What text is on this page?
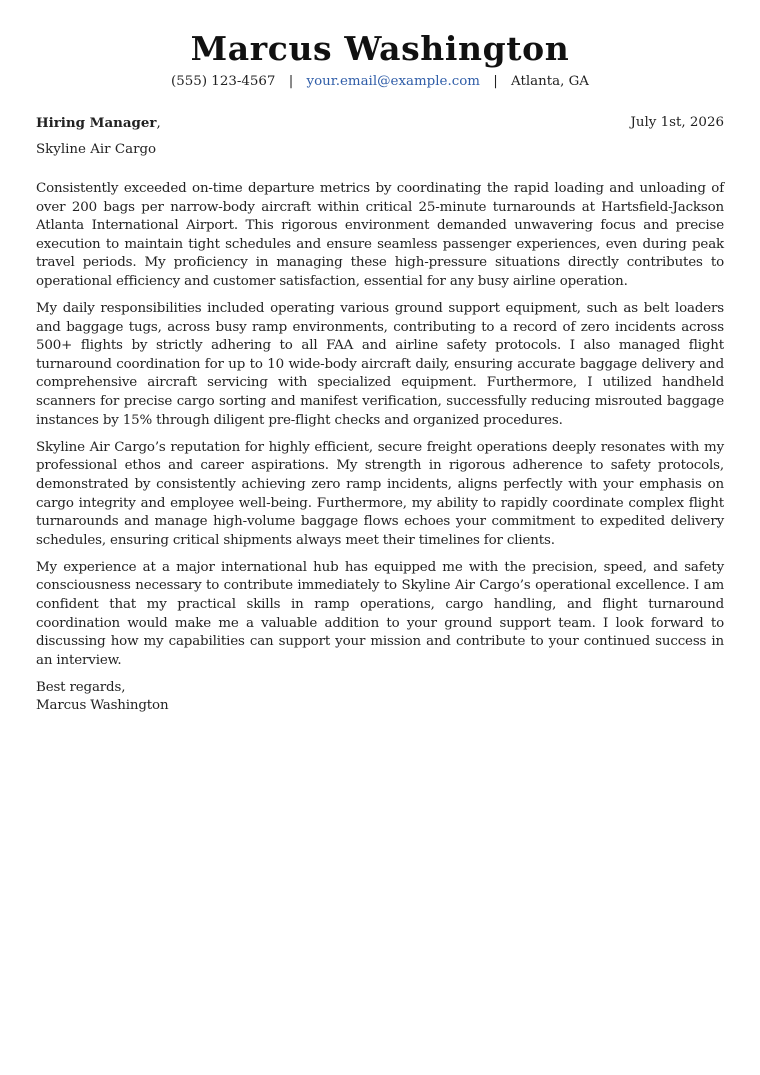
Marcus Washington
(555) 123-4567 | your.email@example.com | Atlanta, GA
Hiring Manager,	July 1st, 2026
Skyline Air Cargo

Consistently exceeded on-time departure metrics by coordinating the rapid loading and unloading of over 200 bags per narrow-body aircraft within critical 25-minute turnarounds at Hartsfield-Jackson Atlanta International Airport. This rigorous environment demanded unwavering focus and precise execution to maintain tight schedules and ensure seamless passenger experiences, even during peak travel periods. My proficiency in managing these high-pressure situations directly contributes to operational efficiency and customer satisfaction, essential for any busy airline operation.

My daily responsibilities included operating various ground support equipment, such as belt loaders and baggage tugs, across busy ramp environments, contributing to a record of zero incidents across 500+ flights by strictly adhering to all FAA and airline safety protocols. I also managed flight turnaround coordination for up to 10 wide-body aircraft daily, ensuring accurate baggage delivery and comprehensive aircraft servicing with specialized equipment. Furthermore, I utilized handheld scanners for precise cargo sorting and manifest verification, successfully reducing misrouted baggage instances by 15% through diligent pre-flight checks and organized procedures.

Skyline Air Cargo’s reputation for highly efficient, secure freight operations deeply resonates with my professional ethos and career aspirations. My strength in rigorous adherence to safety protocols, demonstrated by consistently achieving zero ramp incidents, aligns perfectly with your emphasis on cargo integrity and employee well-being. Furthermore, my ability to rapidly coordinate complex flight turnarounds and manage high-volume baggage flows echoes your commitment to expedited delivery schedules, ensuring critical shipments always meet their timelines for clients.

My experience at a major international hub has equipped me with the precision, speed, and safety consciousness necessary to contribute immediately to Skyline Air Cargo’s operational excellence. I am confident that my practical skills in ramp operations, cargo handling, and flight turnaround coordination would make me a valuable addition to your ground support team. I look forward to discussing how my capabilities can support your mission and contribute to your continued success in an interview.

Best regards,
Marcus Washington
